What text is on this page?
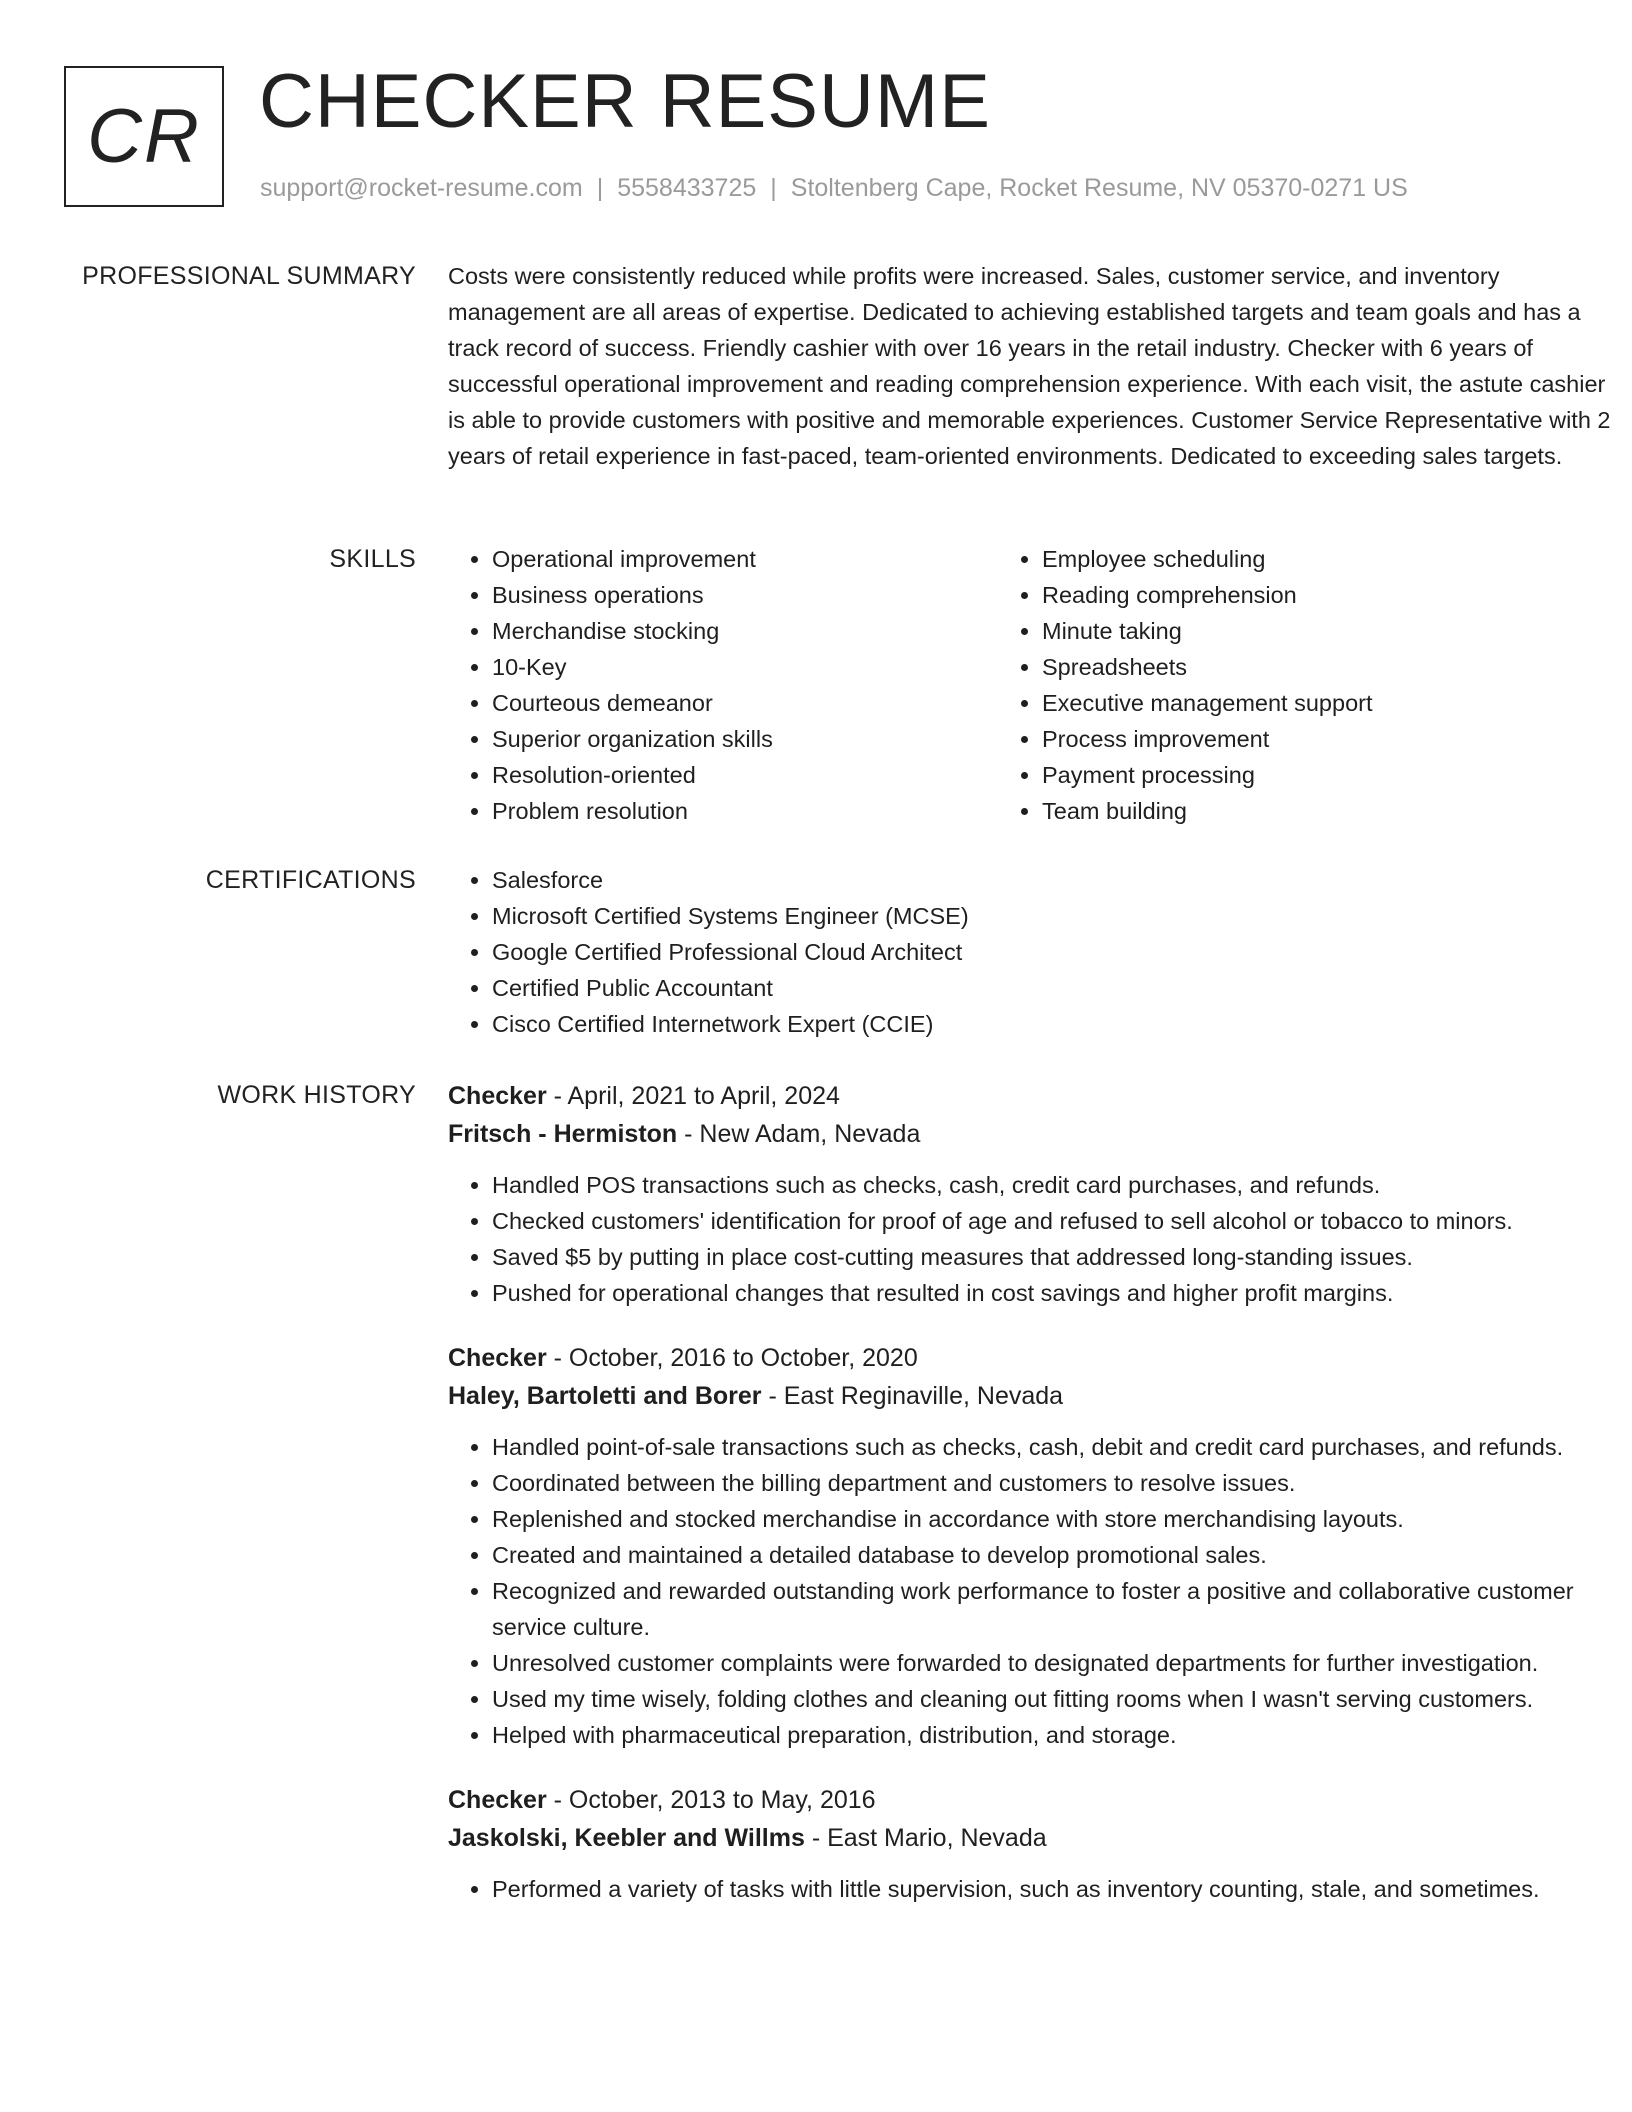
CR CHECKER RESUME
support@rocket-resume.com | 5558433725 | Stoltenberg Cape, Rocket Resume, NV 05370-0271 US
PROFESSIONAL SUMMARY Costs were consistently reduced while profits were increased. Sales, customer service, and inventory management are all areas of expertise. Dedicated to achieving established targets and team goals and has a track record of success. Friendly cashier with over 16 years in the retail industry. Checker with 6 years of successful operational improvement and reading comprehension experience. With each visit, the astute cashier is able to provide customers with positive and memorable experiences. Customer Service Representative with 2 years of retail experience in fast-paced, team-oriented environments. Dedicated to exceeding sales targets.
SKILLS	• Operational improvement
• Business operations
• Merchandise stocking
• 10-Key
• Courteous demeanor
• Superior organization skills
• Resolution-oriented
• Problem resolution
• Employee scheduling
• Reading comprehension
• Minute taking
• Spreadsheets
• Executive management support
• Process improvement
• Payment processing
• Team building
CERTIFICATIONS	• Salesforce
• Microsoft Certified Systems Engineer (MCSE)
• Google Certified Professional Cloud Architect
• Certified Public Accountant
• Cisco Certified Internetwork Expert (CCIE)
WORK HISTORY Checker - April, 2021 to April, 2024
Fritsch - Hermiston - New Adam, Nevada
• Handled POS transactions such as checks, cash, credit card purchases, and refunds.
• Checked customers' identification for proof of age and refused to sell alcohol or tobacco to minors.
• Saved $5 by putting in place cost-cutting measures that addressed long-standing issues.
• Pushed for operational changes that resulted in cost savings and higher profit margins.
Checker - October, 2016 to October, 2020
Haley, Bartoletti and Borer - East Reginaville, Nevada
• Handled point-of-sale transactions such as checks, cash, debit and credit card purchases, and refunds.
• Coordinated between the billing department and customers to resolve issues.
• Replenished and stocked merchandise in accordance with store merchandising layouts.
• Created and maintained a detailed database to develop promotional sales.
• Recognized and rewarded outstanding work performance to foster a positive and collaborative customer service culture.
• Unresolved customer complaints were forwarded to designated departments for further investigation.
• Used my time wisely, folding clothes and cleaning out fitting rooms when I wasn't serving customers.
• Helped with pharmaceutical preparation, distribution, and storage.
Checker - October, 2013 to May, 2016
Jaskolski, Keebler and Willms - East Mario, Nevada
• Performed a variety of tasks with little supervision, such as inventory counting, stale, and sometimes.
